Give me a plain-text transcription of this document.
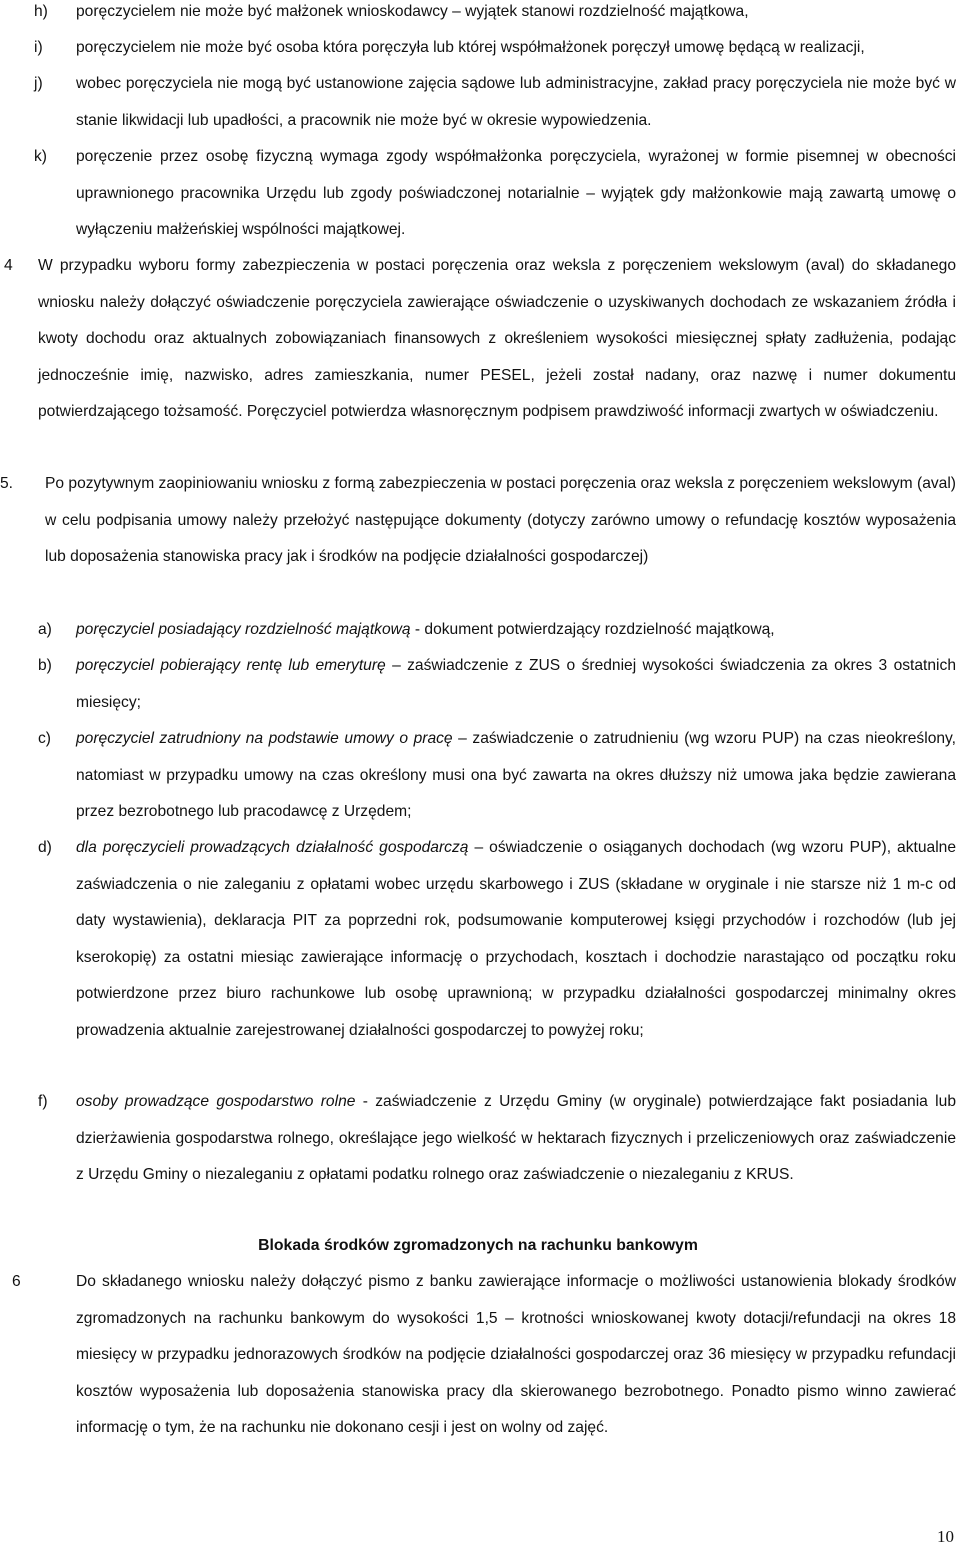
h) poręczycielem nie może być małżonek wnioskodawcy – wyjątek stanowi rozdzielność majątkowa,
i) poręczycielem nie może być osoba która poręczyła lub której współmałżonek poręczył umowę będącą w realizacji,
j) wobec poręczyciela nie mogą być ustanowione zajęcia sądowe lub administracyjne, zakład pracy poręczyciela nie może być w stanie likwidacji lub upadłości, a pracownik nie może być w okresie wypowiedzenia.
k) poręczenie przez osobę fizyczną wymaga zgody współmałżonka poręczyciela, wyrażonej w formie pisemnej w obecności uprawnionego pracownika Urzędu lub zgody poświadczonej notarialnie – wyjątek gdy małżonkowie mają zawartą umowę o wyłączeniu małżeńskiej wspólności majątkowej.
4 W przypadku wyboru formy zabezpieczenia w postaci poręczenia oraz weksla z poręczeniem wekslowym (aval) do składanego wniosku należy dołączyć oświadczenie poręczyciela zawierające oświadczenie o uzyskiwanych dochodach ze wskazaniem źródła i kwoty dochodu oraz aktualnych zobowiązaniach finansowych z określeniem wysokości miesięcznej spłaty zadłużenia, podając jednocześnie imię, nazwisko, adres zamieszkania, numer PESEL, jeżeli został nadany, oraz nazwę i numer dokumentu potwierdzającego tożsamość. Poręczyciel potwierdza własnoręcznym podpisem prawdziwość informacji zwartych w oświadczeniu.
5. Po pozytywnym zaopiniowaniu wniosku z formą zabezpieczenia w postaci poręczenia oraz weksla z poręczeniem wekslowym (aval) w celu podpisania umowy należy przełożyć następujące dokumenty (dotyczy zarówno umowy o refundację kosztów wyposażenia lub doposażenia stanowiska pracy jak i środków na podjęcie działalności gospodarczej)
a) poręczyciel posiadający rozdzielność majątkową - dokument potwierdzający rozdzielność majątkową,
b) poręczyciel pobierający rentę lub emeryturę – zaświadczenie z ZUS o średniej wysokości świadczenia za okres 3 ostatnich miesięcy;
c) poręczyciel zatrudniony na podstawie umowy o pracę – zaświadczenie o zatrudnieniu (wg wzoru PUP) na czas nieokreślony, natomiast w przypadku umowy na czas określony musi ona być zawarta na okres dłuższy niż umowa jaka będzie zawierana przez bezrobotnego lub pracodawcę z Urzędem;
d) dla poręczycieli prowadzących działalność gospodarczą – oświadczenie o osiąganych dochodach (wg wzoru PUP), aktualne zaświadczenia o nie zaleganiu z opłatami wobec urzędu skarbowego i ZUS (składane w oryginale i nie starsze niż 1 m-c od daty wystawienia), deklaracja PIT za poprzedni rok, podsumowanie komputerowej księgi przychodów i rozchodów (lub jej kserokopię) za ostatni miesiąc zawierające informację o przychodach, kosztach i dochodzie narastająco od początku roku potwierdzone przez biuro rachunkowe lub osobę uprawnioną; w przypadku działalności gospodarczej minimalny okres prowadzenia aktualnie zarejestrowanej działalności gospodarczej to powyżej roku;
f) osoby prowadzące gospodarstwo rolne - zaświadczenie z Urzędu Gminy (w oryginale) potwierdzające fakt posiadania lub dzierżawienia gospodarstwa rolnego, określające jego wielkość w hektarach fizycznych i przeliczeniowych oraz zaświadczenie z Urzędu Gminy o niezaleganiu z opłatami podatku rolnego oraz zaświadczenie o niezaleganiu z KRUS.
Blokada środków zgromadzonych na rachunku bankowym
6	Do składanego wniosku należy dołączyć pismo z banku zawierające informacje o możliwości ustanowienia blokady środków zgromadzonych na rachunku bankowym do wysokości 1,5 – krotności wnioskowanej kwoty dotacji/refundacji na okres 18 miesięcy w przypadku jednorazowych środków na podjęcie działalności gospodarczej oraz 36 miesięcy w przypadku refundacji kosztów wyposażenia lub doposażenia stanowiska pracy dla skierowanego bezrobotnego. Ponadto pismo winno zawierać informację o tym, że na rachunku nie dokonano cesji i jest on wolny od zajęć.
10
